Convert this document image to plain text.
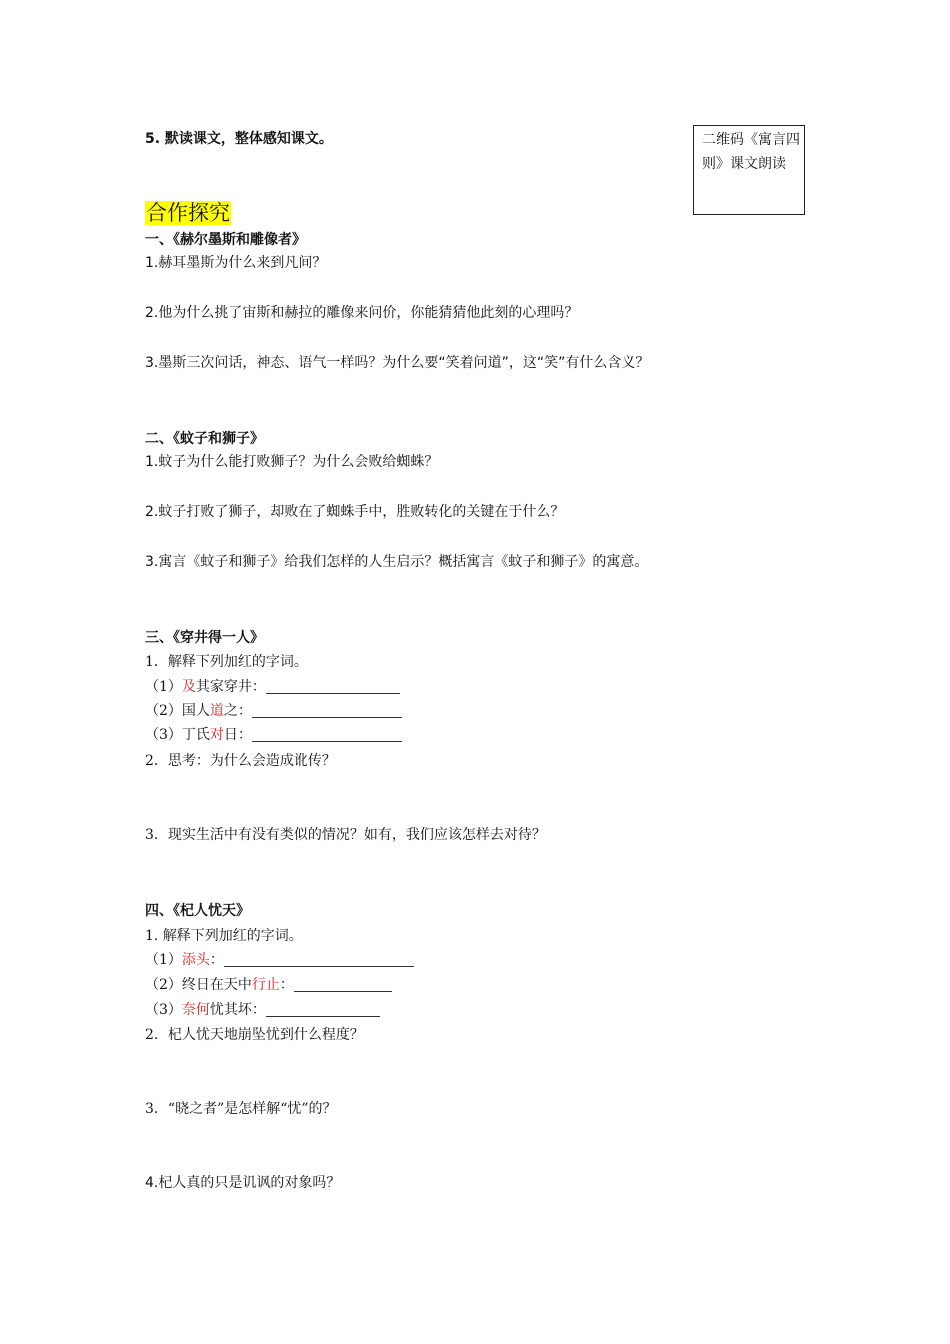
5. 默读课文，整体感知课文。	二维码《寓言四则》课文朗读
合作探究
一、《赫尔墨斯和雕像者》
1.赫耳墨斯为什么来到凡间？
2.他为什么挑了宙斯和赫拉的雕像来问价，你能猜猜他此刻的心理吗？
3.墨斯三次问话，神态、语气一样吗？为什么要“笑着问道”，这“笑”有什么含义？
二、《蚊子和狮子》
1.蚊子为什么能打败狮子？为什么会败给蜘蛛？
2.蚊子打败了狮子，却败在了蜘蛛手中，胜败转化的关键在于什么？
3.寓言《蚊子和狮子》给我们怎样的人生启示？概括寓言《蚊子和狮子》的寓意。
三、《穿井得一人》
1．解释下列加红的字词。
（1）及其家穿井：
（2）国人道之：
（3）丁氏对日：
2．思考：为什么会造成讹传？
3．现实生活中有没有类似的情况？如有，我们应该怎样去对待？
四、《杞人忧天》
1. 解释下列加红的字词。
（1）添头：
（2）终日在天中行止：
（3）奈何忧其坏：
2．杞人忧天地崩坠忧到什么程度？
3．“晓之者”是怎样解“忧”的？
4.杞人真的只是讥讽的对象吗？
